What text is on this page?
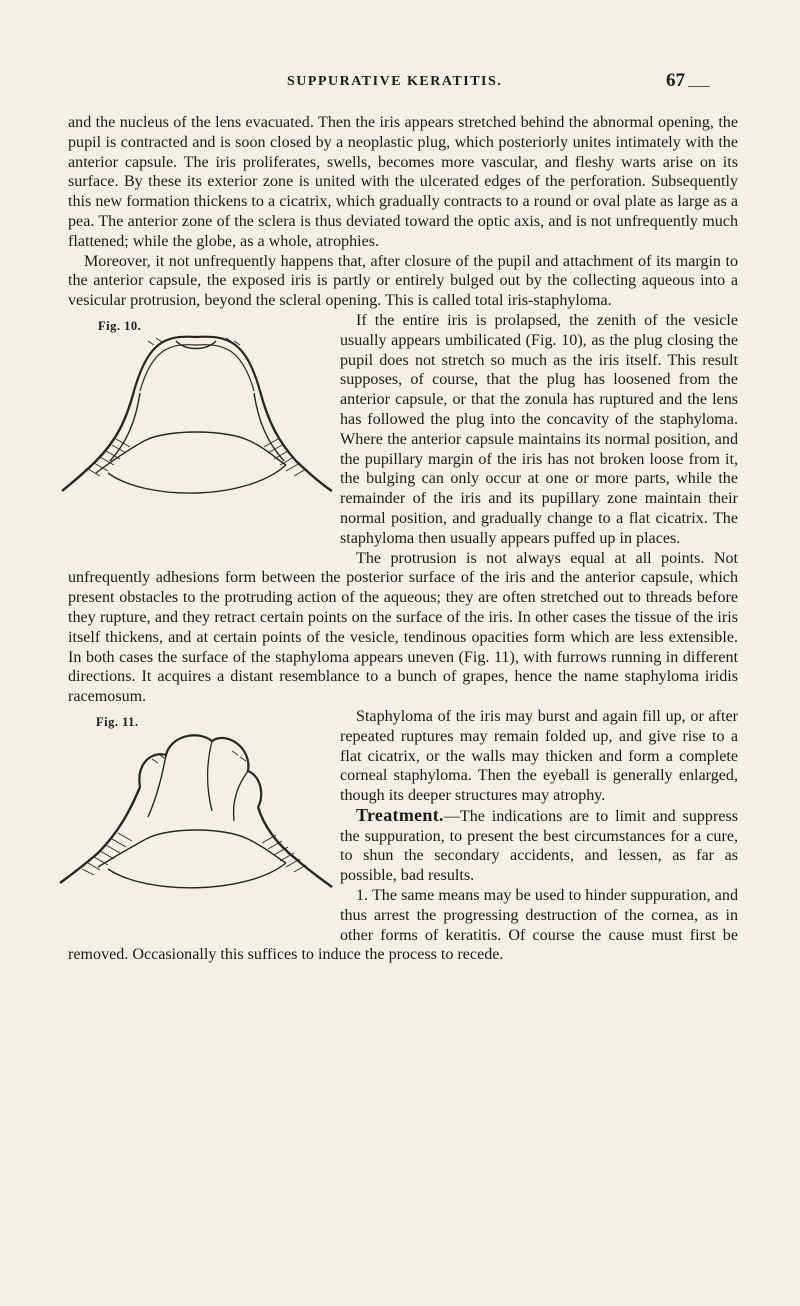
SUPPURATIVE KERATITIS.	67

and the nucleus of the lens evacuated. Then the iris appears stretched behind the abnormal opening, the pupil is contracted and is soon closed by a neoplastic plug, which posteriorly unites intimately with the anterior capsule. The iris proliferates, swells, becomes more vascular, and fleshy warts arise on its surface. By these its exterior zone is united with the ulcerated edges of the perforation. Subsequently this new formation thickens to a cicatrix, which gradually contracts to a round or oval plate as large as a pea. The anterior zone of the sclera is thus deviated toward the optic axis, and is not unfrequently much flattened; while the globe, as a whole, atrophies.

Moreover, it not unfrequently happens that, after closure of the pupil and attachment of its margin to the anterior capsule, the exposed iris is partly or entirely bulged out by the collecting aqueous into a vesicular protrusion, beyond the scleral opening. This is called total iris-staphyloma.

Fig. 10.	If the entire iris is prolapsed, the zenith of the vesicle usually appears umbilicated (Fig. 10), as the plug closing the pupil does not stretch so much as the iris itself. This result supposes, of course, that the plug has loosened from the anterior capsule, or that the zonula has ruptured and the lens has followed the plug into the concavity of the staphyloma. Where the anterior capsule maintains its normal position, and the pupillary margin of the iris has not broken loose from it, the bulging can only occur at one or more parts, while the remainder of the iris and its pupillary zone maintain their normal position, and gradually change to a flat cicatrix. The staphyloma then usually appears puffed up in places.

The protrusion is not always equal at all points. Not unfrequently adhesions form between the posterior surface of the iris and the anterior capsule, which present obstacles to the protruding action of the aqueous; they are often stretched out to threads before they rupture, and they retract certain points on the surface of the iris. In other cases the tissue of the iris itself thickens, and at certain points of the vesicle, tendinous opacities form which are less extensible. In both cases the surface of the staphyloma appears uneven (Fig. 11), with furrows running in different directions. It acquires a distant resemblance to a bunch of grapes, hence the name staphyloma iridis racemosum.

Fig. 11.	Staphyloma of the iris may burst and again fill up, or after repeated ruptures may remain folded up, and give rise to a flat cicatrix, or the walls may thicken and form a complete corneal staphyloma. Then the eyeball is generally enlarged, though its deeper structures may atrophy.

Treatment.—The indications are to limit and suppress the suppuration, to present the best circumstances for a cure, to shun the secondary accidents, and lessen, as far as possible, bad results.

1. The same means may be used to hinder suppuration, and thus arrest the progressing destruction of the cornea, as in other forms of keratitis. Of course the cause must first be removed. Occasionally this suffices to induce the process to recede.
